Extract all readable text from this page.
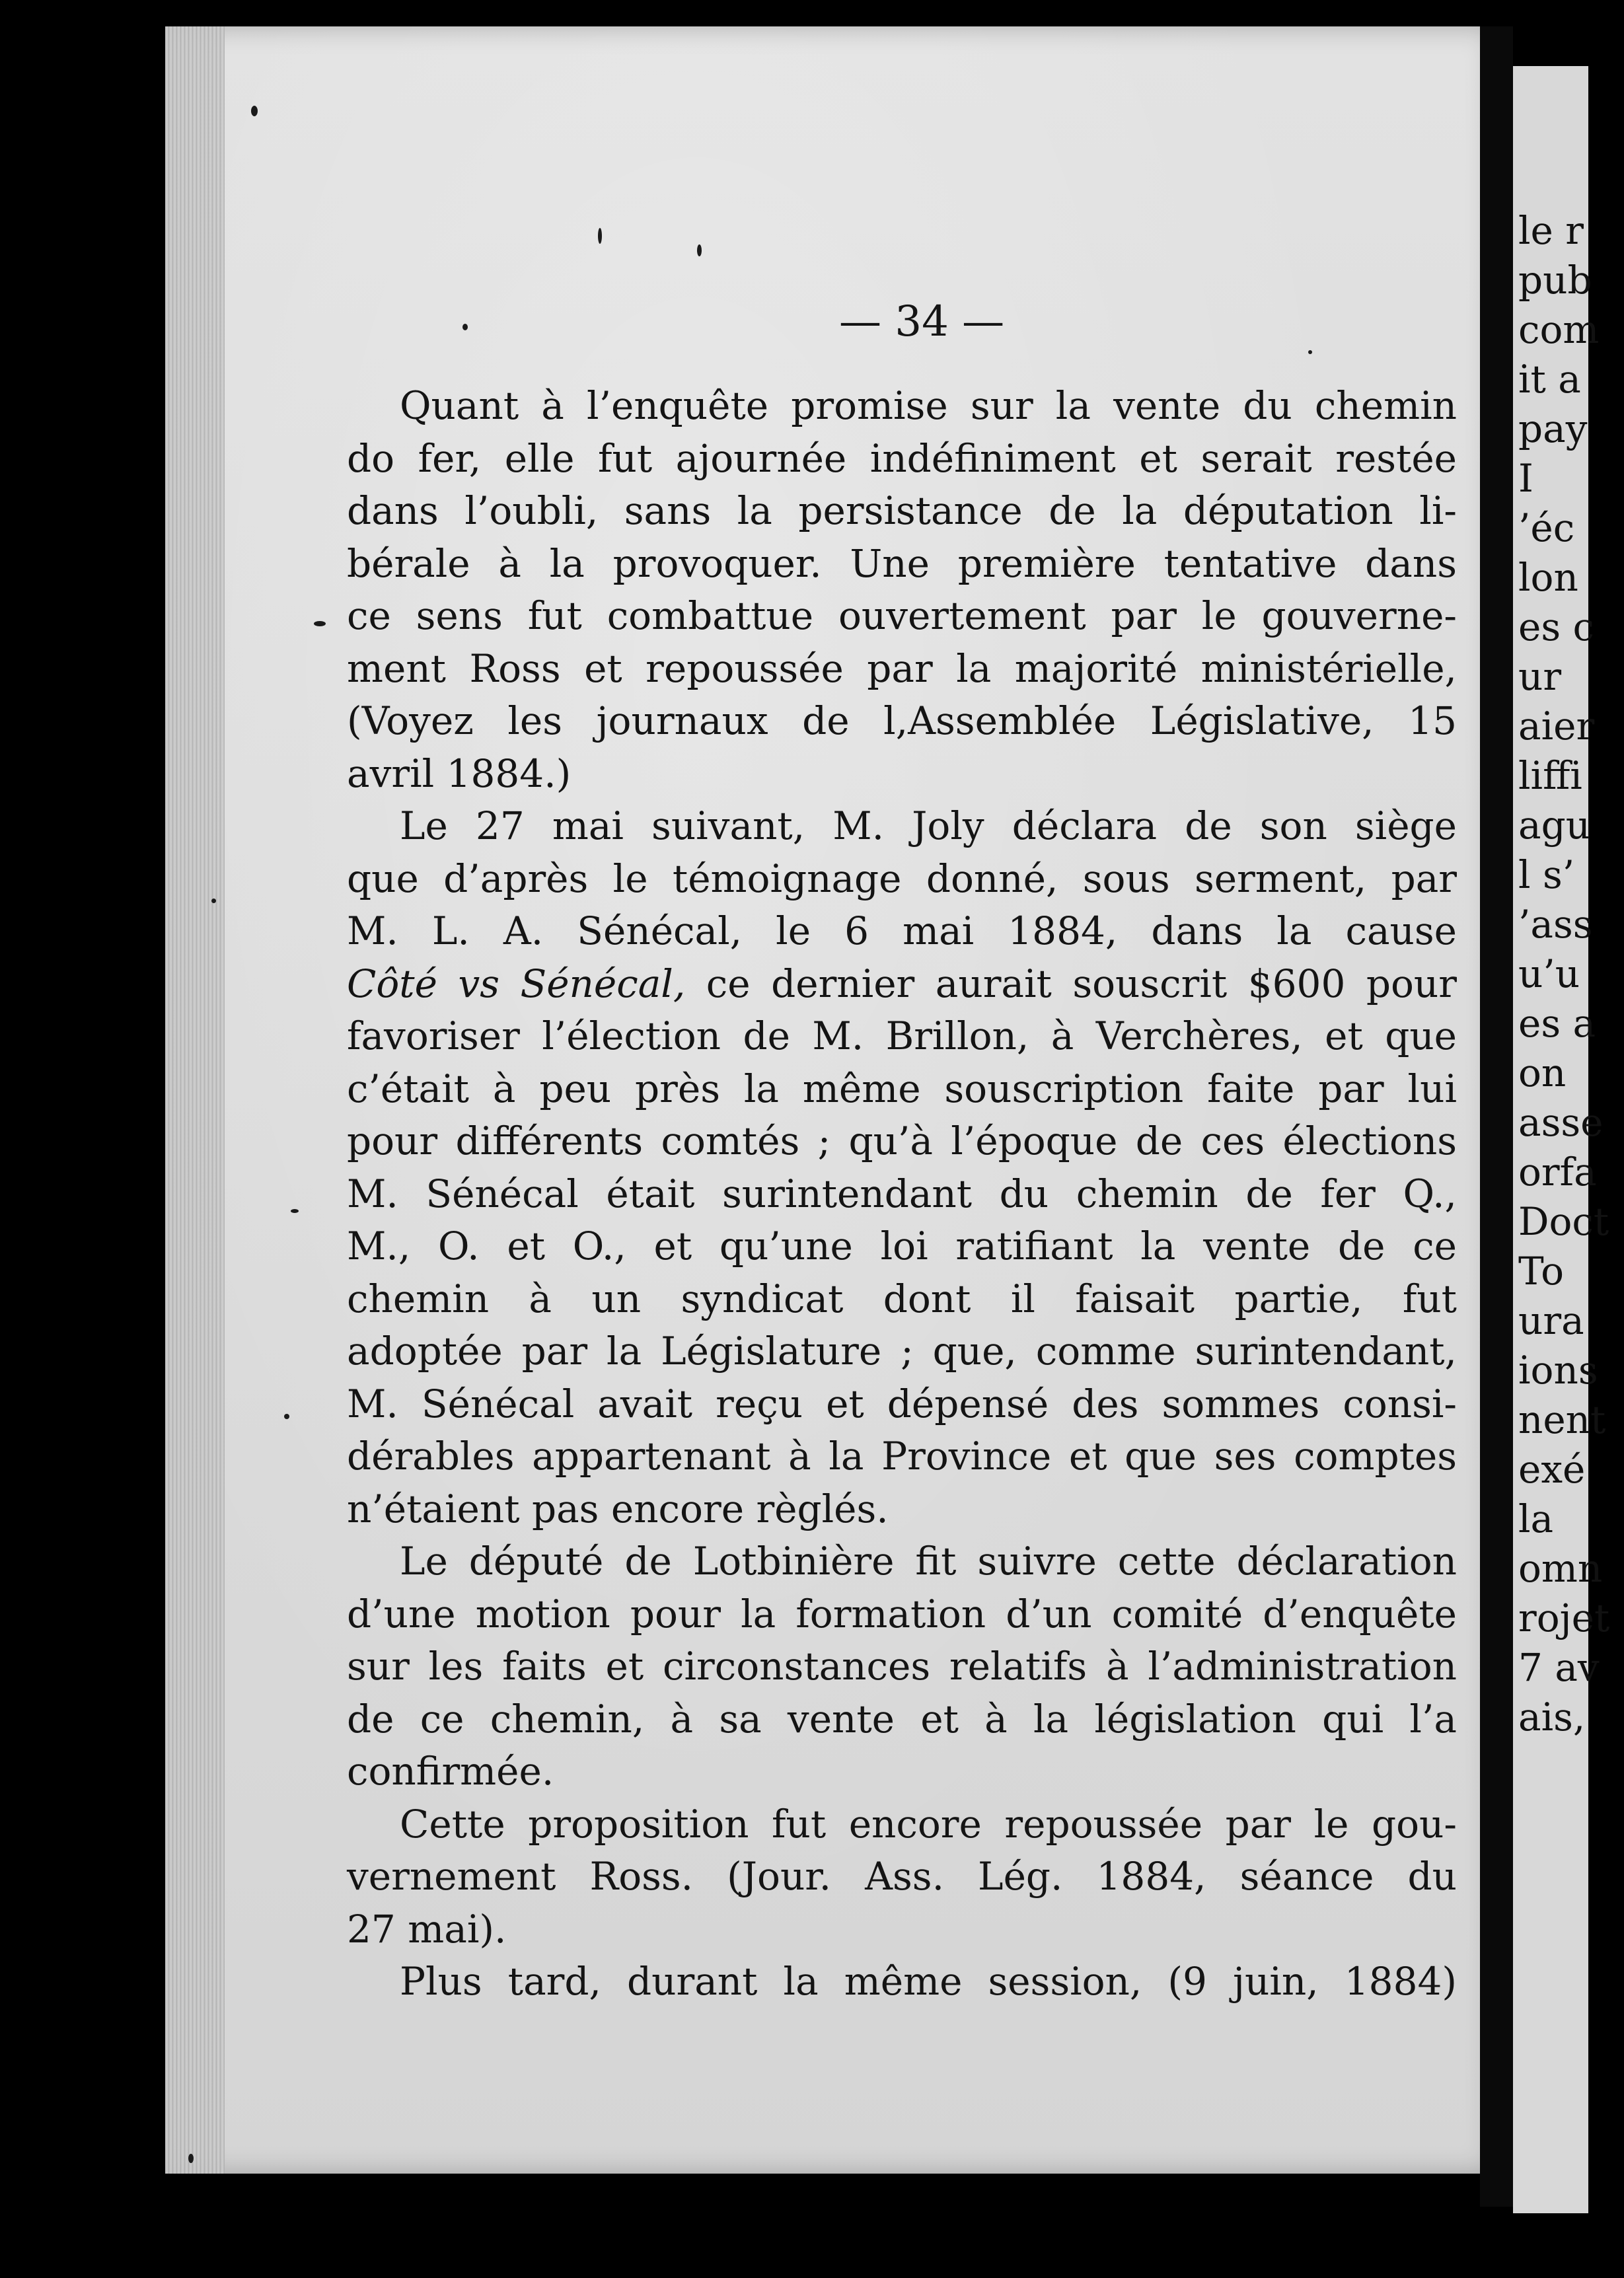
le r
pub
com
it a
pay
I
’éc
lon
es c
ur
aier
liffi
agu
l s’
’ass
u’u
es a
on
asse
orfa
Doct
To
ura
ions
nent
exé
la
omn
rojet
7 av
ais,
— 34 —
Quant à l’enquête promise sur la vente du chemin
do fer, elle fut ajournée indéfiniment et serait restée
dans l’oubli, sans la persistance de la députation li-
bérale à la provoquer. Une première tentative dans
ce sens fut combattue ouvertement par le gouverne-
ment Ross et repoussée par la majorité ministérielle,
(Voyez les journaux de l,Assemblée Législative, 15
avril 1884.)
Le 27 mai suivant, M. Joly déclara de son siège
que d’après le témoignage donné, sous serment, par
M. L. A. Sénécal, le 6 mai 1884, dans la cause
Côté vs Sénécal, ce dernier aurait souscrit $600 pour
favoriser l’élection de M. Brillon, à Verchères, et que
c’était à peu près la même souscription faite par lui
pour différents comtés ; qu’à l’époque de ces élections
M. Sénécal était surintendant du chemin de fer Q.,
M., O. et O., et qu’une loi ratifiant la vente de ce
chemin à un syndicat dont il faisait partie, fut
adoptée par la Législature ; que, comme surintendant,
M. Sénécal avait reçu et dépensé des sommes consi-
dérables appartenant à la Province et que ses comptes
n’étaient pas encore règlés.
Le député de Lotbinière fit suivre cette déclaration
d’une motion pour la formation d’un comité d’enquête
sur les faits et circonstances relatifs à l’administration
de ce chemin, à sa vente et à la législation qui l’a
confirmée.
Cette proposition fut encore repoussée par le gou-
vernement Ross. (Jour. Ass. Lég. 1884, séance du
27 mai).
Plus tard, durant la même session, (9 juin, 1884)
